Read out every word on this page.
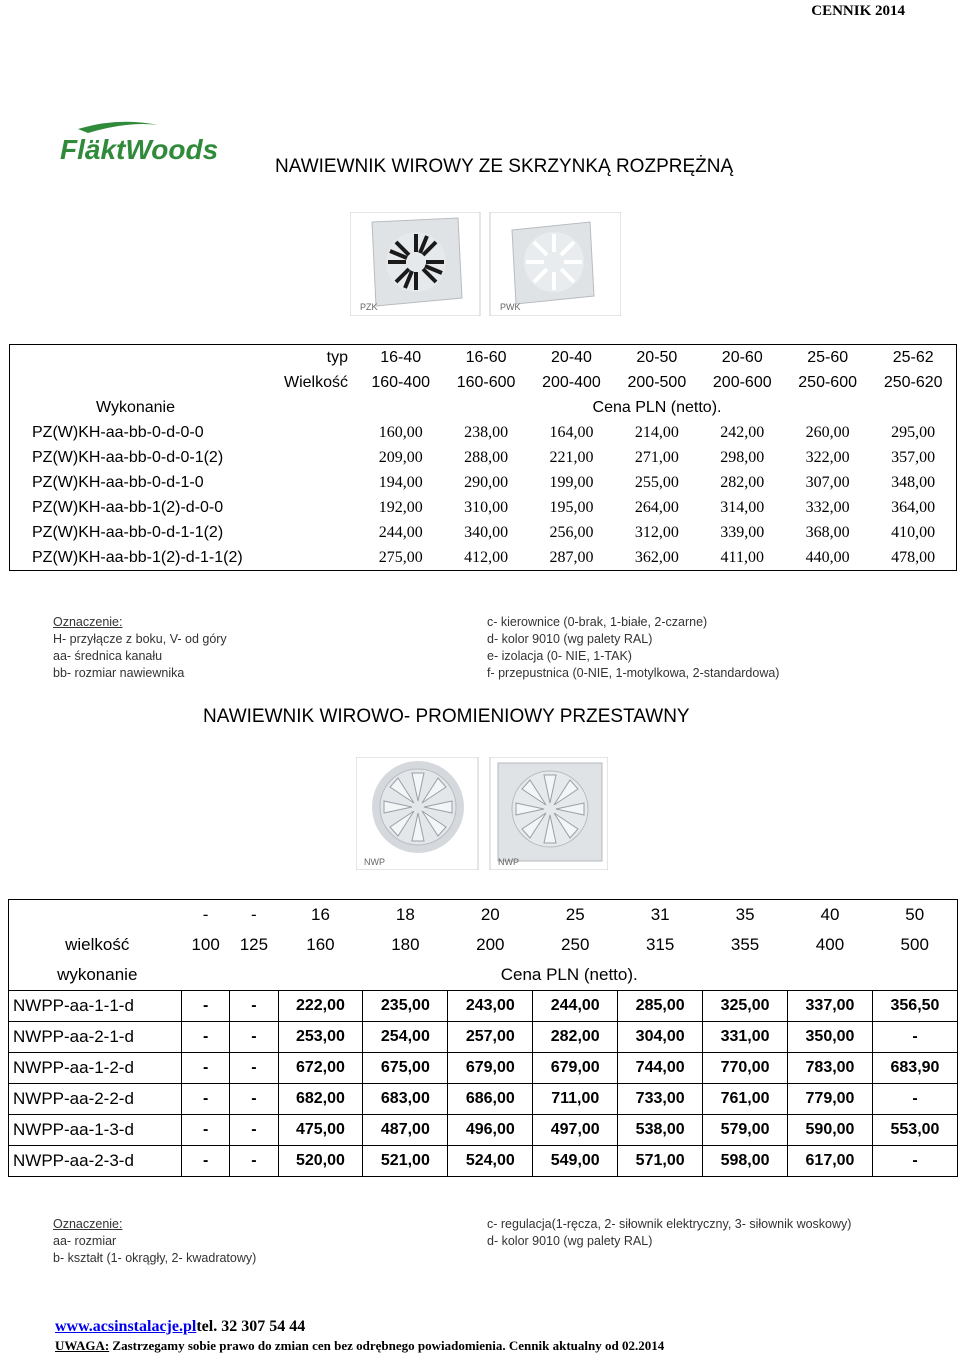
CENNIK 2014
FläktWoods
NAWIEWNIK WIROWY ZE SKRZYNKĄ ROZPRĘŻNĄ
PZK	PWK
typ	16-40	16-60	20-40	20-50	20-60	25-60	25-62
Wielkość	160-400	160-600	200-400	200-500	200-600	250-600	250-620
Wykonanie	Cena PLN (netto).						
PZ(W)KH-aa-bb-0-d-0-0	160,00	238,00	164,00	214,00	242,00	260,00	295,00
PZ(W)KH-aa-bb-0-d-0-1(2)	209,00	288,00	221,00	271,00	298,00	322,00	357,00
PZ(W)KH-aa-bb-0-d-1-0	194,00	290,00	199,00	255,00	282,00	307,00	348,00
PZ(W)KH-aa-bb-1(2)-d-0-0	192,00	310,00	195,00	264,00	314,00	332,00	364,00
PZ(W)KH-aa-bb-0-d-1-1(2)	244,00	340,00	256,00	312,00	339,00	368,00	410,00
PZ(W)KH-aa-bb-1(2)-d-1-1(2)	275,00	412,00	287,00	362,00	411,00	440,00	478,00
Oznaczenie:
H- przyłącze z boku, V- od góry
aa- średnica kanału
bb- rozmiar nawiewnika
c- kierownice (0-brak, 1-białe, 2-czarne)
d- kolor 9010 (wg palety RAL)
e- izolacja (0- NIE, 1-TAK)
f- przepustnica (0-NIE, 1-motylkowa, 2-standardowa)
NAWIEWNIK WIROWO- PROMIENIOWY PRZESTAWNY
NWP	NWP
	-	-	16	18	20	25	31	35	40	50
wielkość	100	125	160	180	200	250	315	355	400	500
wykonanie	Cena PLN (netto).									
NWPP-aa-1-1-d	-	-	222,00	235,00	243,00	244,00	285,00	325,00	337,00	356,50
NWPP-aa-2-1-d	-	-	253,00	254,00	257,00	282,00	304,00	331,00	350,00	-
NWPP-aa-1-2-d	-	-	672,00	675,00	679,00	679,00	744,00	770,00	783,00	683,90
NWPP-aa-2-2-d	-	-	682,00	683,00	686,00	711,00	733,00	761,00	779,00	-
NWPP-aa-1-3-d	-	-	475,00	487,00	496,00	497,00	538,00	579,00	590,00	553,00
NWPP-aa-2-3-d	-	-	520,00	521,00	524,00	549,00	571,00	598,00	617,00	-
Oznaczenie:
aa- rozmiar
b- kształt (1- okrągły, 2- kwadratowy)
c- regulacja(1-ręcza, 2- siłownik elektryczny, 3- siłownik woskowy)
d- kolor 9010 (wg palety RAL)
www.acsinstalacje.pltel. 32 307 54 44
UWAGA: Zastrzegamy sobie prawo do zmian cen bez odrębnego powiadomienia. Cennik aktualny od 02.2014
